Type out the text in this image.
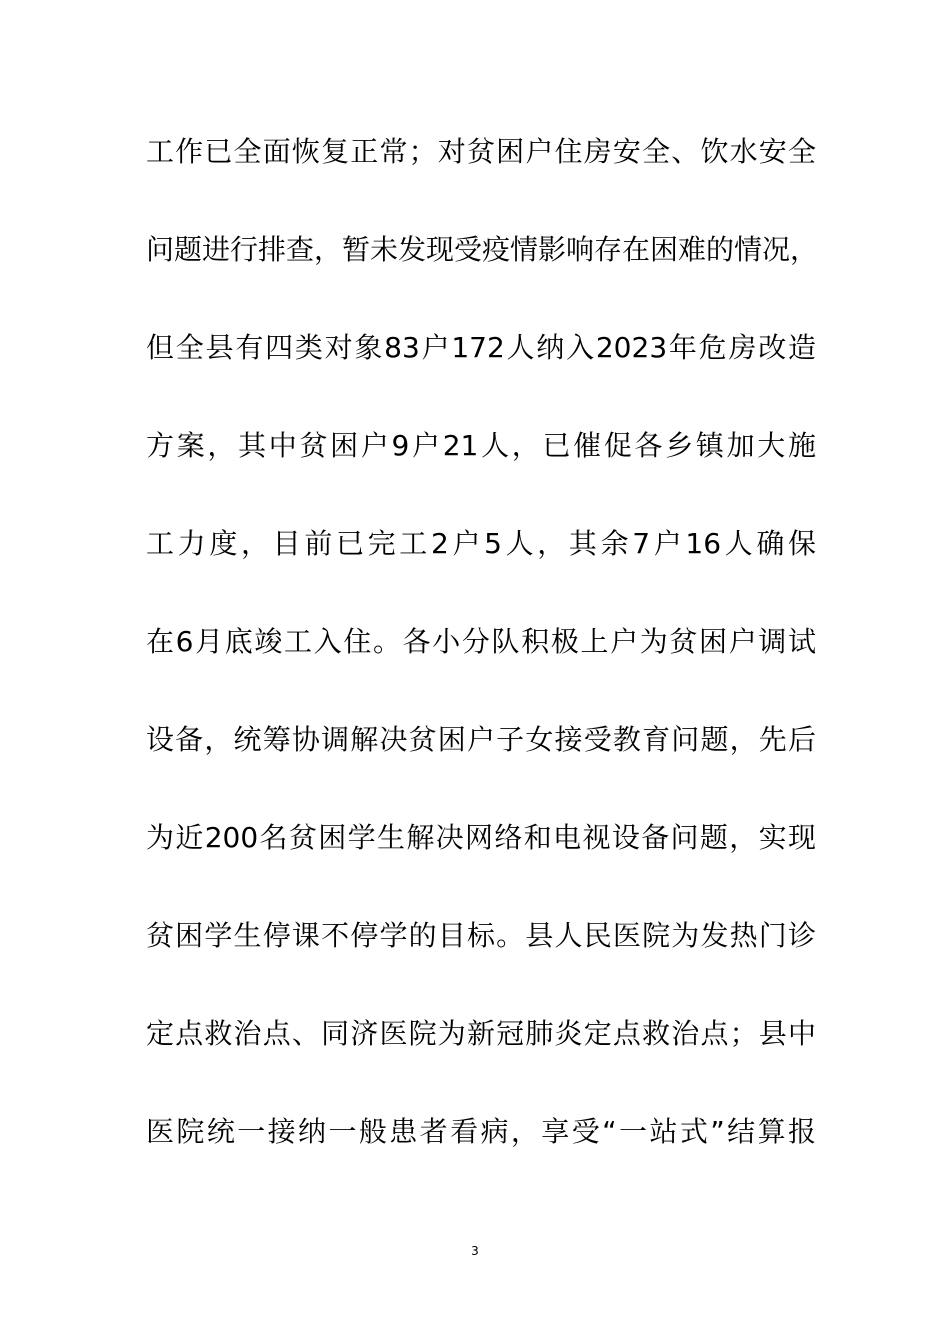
工作已全面恢复正常；对贫困户住房安全、饮水安全
问题进行排查，暂未发现受疫情影响存在困难的情况，
但全县有四类对象83户172人纳入2023年危房改造
方案，其中贫困户9户21人，已催促各乡镇加大施
工力度，目前已完工2户5人，其余7户16人确保
在6月底竣工入住。各小分队积极上户为贫困户调试
设备，统筹协调解决贫困户子女接受教育问题，先后
为近200名贫困学生解决网络和电视设备问题，实现
贫困学生停课不停学的目标。县人民医院为发热门诊
定点救治点、同济医院为新冠肺炎定点救治点；县中
医院统一接纳一般患者看病，享受“一站式”结算报
3
